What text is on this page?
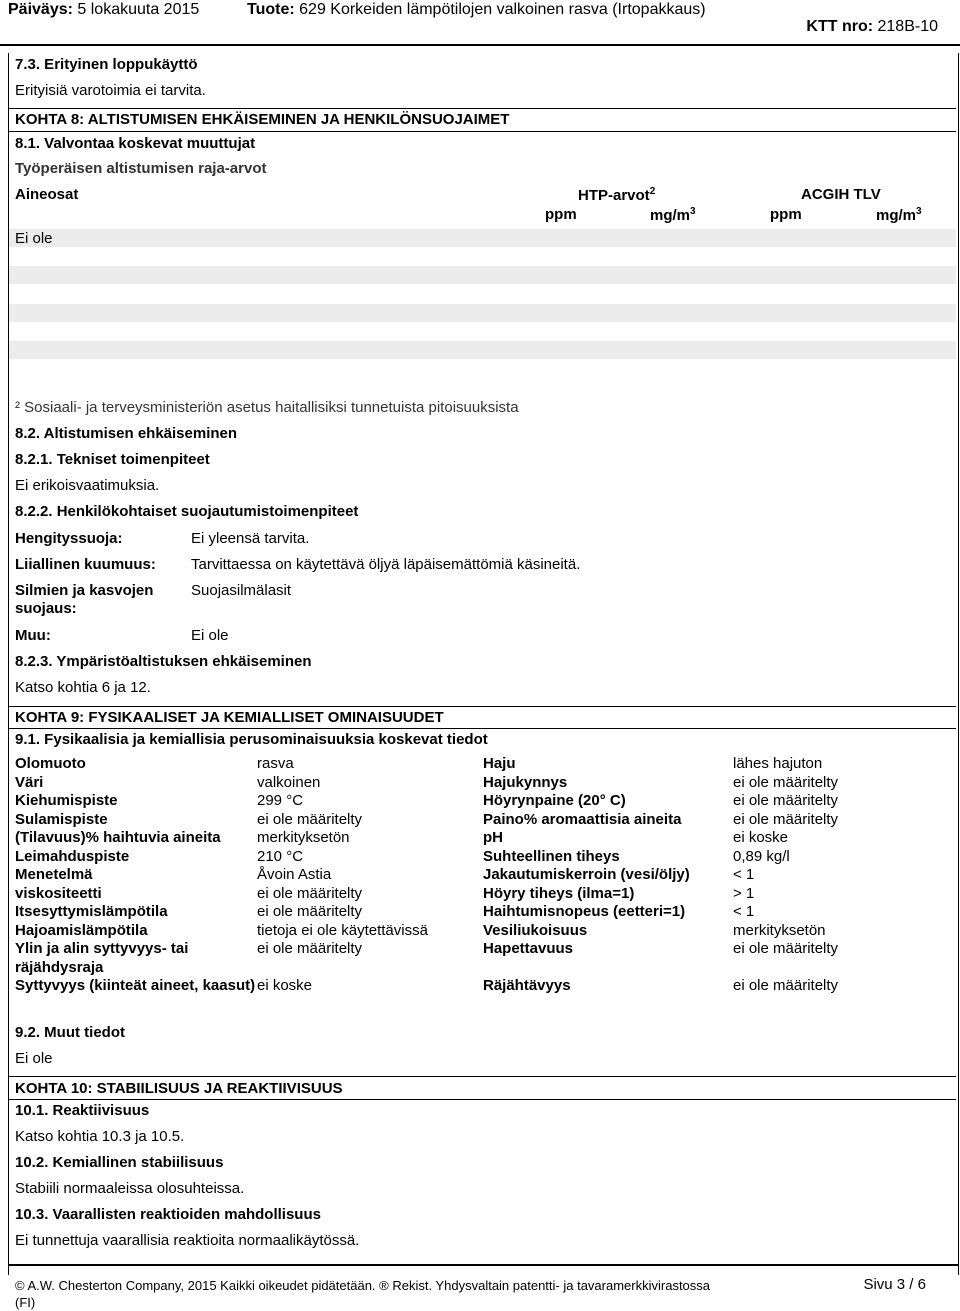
Päiväys: 5 lokakuuta 2015	Tuote: 629 Korkeiden lämpötilojen valkoinen rasva (Irtopakkaus)
KTT nro: 218B-10
7.3. Erityinen loppukäyttö
Erityisiä varotoimia ei tarvita.
KOHTA 8: ALTISTUMISEN EHKÄISEMINEN JA HENKILÖNSUOJAIMET
8.1. Valvontaa koskevat muuttujat
Työperäisen altistumisen raja-arvot
Aineosat	HTP-arvot$^2$	ACGIH TLV
ppm	$mg/m^3$	ppm	$mg/m^3$
Ei ole
² Sosiaali- ja terveysministeriön asetus haitallisiksi tunnetuista pitoisuuksista
8.2. Altistumisen ehkäiseminen
8.2.1. Tekniset toimenpiteet
Ei erikoisvaatimuksia.
8.2.2. Henkilökohtaiset suojautumistoimenpiteet
Hengityssuoja:	Ei yleensä tarvita.
Liiallinen kuumuus: Tarvittaessa on käytettävä öljyä läpäisemättömiä käsineitä.
Silmien ja kasvojen
suojaus:
Suojasilmälasit
Muu:	Ei ole
8.2.3. Ympäristöaltistuksen ehkäiseminen
Katso kohtia 6 ja 12.
KOHTA 9: FYSIKAALISET JA KEMIALLISET OMINAISUUDET
9.1. Fysikaalisia ja kemiallisia perusominaisuuksia koskevat tiedot
Olomuoto	rasva	Haju	lähes hajuton
Väri	valkoinen	Hajukynnys	ei ole määritelty
Kiehumispiste	299 °C	Höyrynpaine (20° C)	ei ole määritelty
Sulamispiste	ei ole määritelty	Paino% aromaattisia aineita	ei ole määritelty
(Tilavuus)% haihtuvia aineita	merkityksetön	pH	ei koske
Leimahduspiste	210 °C	Suhteellinen tiheys	0,89 kg/l
Menetelmä	Åvoin Astia	Jakautumiskerroin (vesi/öljy)	< 1
viskositeetti	ei ole määritelty	Höyry tiheys (ilma=1)	> 1
Itsesyttymislämpötila	ei ole määritelty	Haihtumisnopeus (eetteri=1)	< 1
Hajoamislämpötila	tietoja ei ole käytettävissä	Vesiliukoisuus	merkityksetön
Ylin ja alin syttyvyys- tai räjähdysraja	ei ole määritelty	Hapettavuus	ei ole määritelty
Syttyvyys (kiinteät aineet, kaasut)	ei koske	Räjähtävyys	ei ole määritelty
9.2. Muut tiedot
Ei ole
KOHTA 10: STABIILISUUS JA REAKTIIVISUUS
10.1. Reaktiivisuus
Katso kohtia 10.3 ja 10.5.
10.2. Kemiallinen stabiilisuus
Stabiili normaaleissa olosuhteissa.
10.3. Vaarallisten reaktioiden mahdollisuus
Ei tunnettuja vaarallisia reaktioita normaalikäytössä.
© A.W. Chesterton Company, 2015 Kaikki oikeudet pidätetään. ® Rekist. Yhdysvaltain patentti- ja tavaramerkkivirastossa
(FI)
Sivu 3 / 6
